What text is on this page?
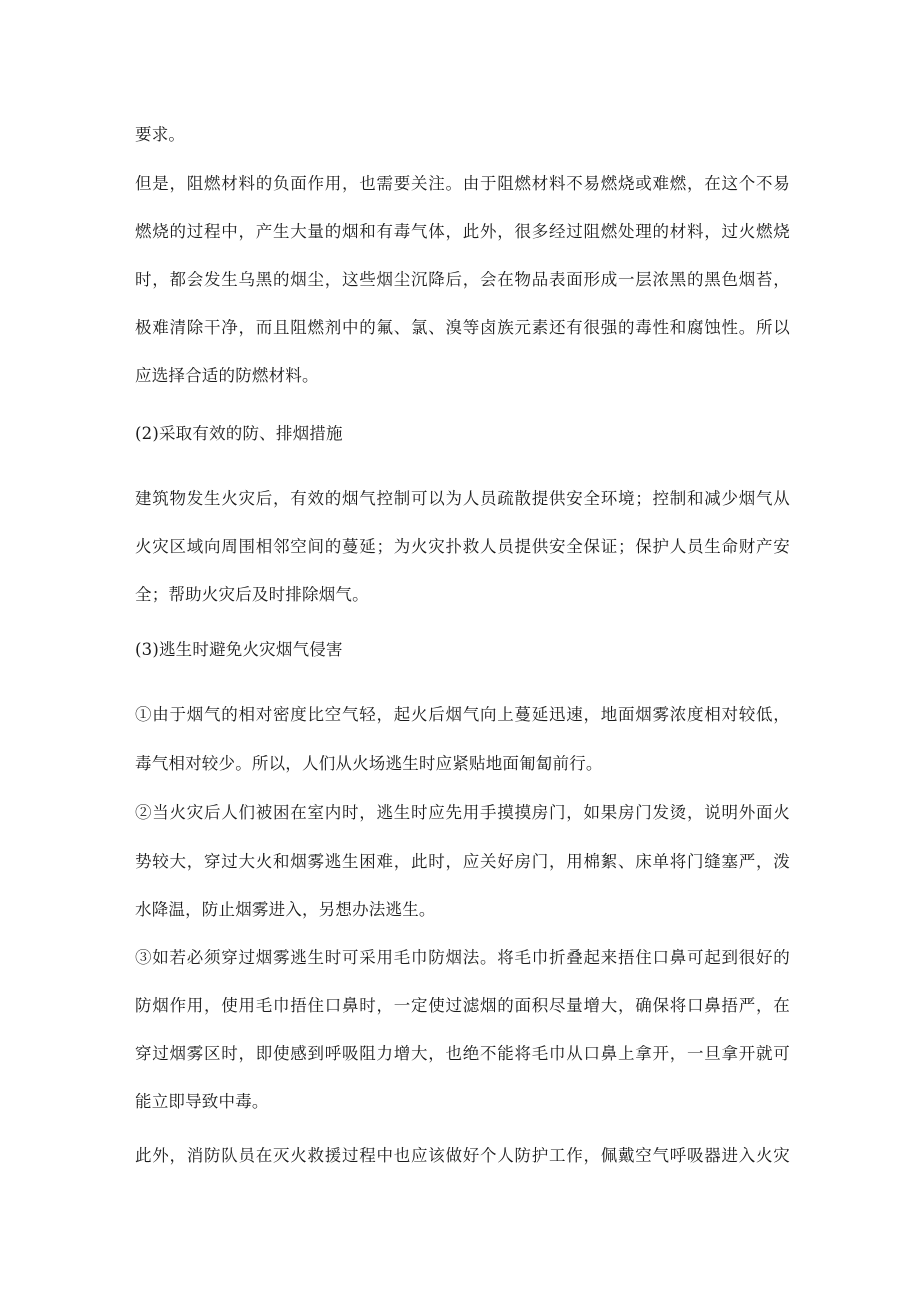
要求。

但是，阻燃材料的负面作用，也需要关注。由于阻燃材料不易燃烧或难燃，在这个不易

燃烧的过程中，产生大量的烟和有毒气体，此外，很多经过阻燃处理的材料，过火燃烧

时，都会发生乌黑的烟尘，这些烟尘沉降后，会在物品表面形成一层浓黑的黑色烟苔，

极难清除干净，而且阻燃剂中的氟、氯、溴等卤族元素还有很强的毒性和腐蚀性。所以

应选择合适的防燃材料。

(2)采取有效的防、排烟措施

建筑物发生火灾后，有效的烟气控制可以为人员疏散提供安全环境；控制和减少烟气从

火灾区域向周围相邻空间的蔓延；为火灾扑救人员提供安全保证；保护人员生命财产安

全；帮助火灾后及时排除烟气。

(3)逃生时避免火灾烟气侵害

①由于烟气的相对密度比空气轻，起火后烟气向上蔓延迅速，地面烟雾浓度相对较低，

毒气相对较少。所以，人们从火场逃生时应紧贴地面匍匐前行。

②当火灾后人们被困在室内时，逃生时应先用手摸摸房门，如果房门发烫，说明外面火

势较大，穿过大火和烟雾逃生困难，此时，应关好房门，用棉絮、床单将门缝塞严，泼

水降温，防止烟雾进入，另想办法逃生。

③如若必须穿过烟雾逃生时可采用毛巾防烟法。将毛巾折叠起来捂住口鼻可起到很好的

防烟作用，使用毛巾捂住口鼻时，一定使过滤烟的面积尽量增大，确保将口鼻捂严，在

穿过烟雾区时，即使感到呼吸阻力增大，也绝不能将毛巾从口鼻上拿开，一旦拿开就可

能立即导致中毒。

此外，消防队员在灭火救援过程中也应该做好个人防护工作，佩戴空气呼吸器进入火灾
